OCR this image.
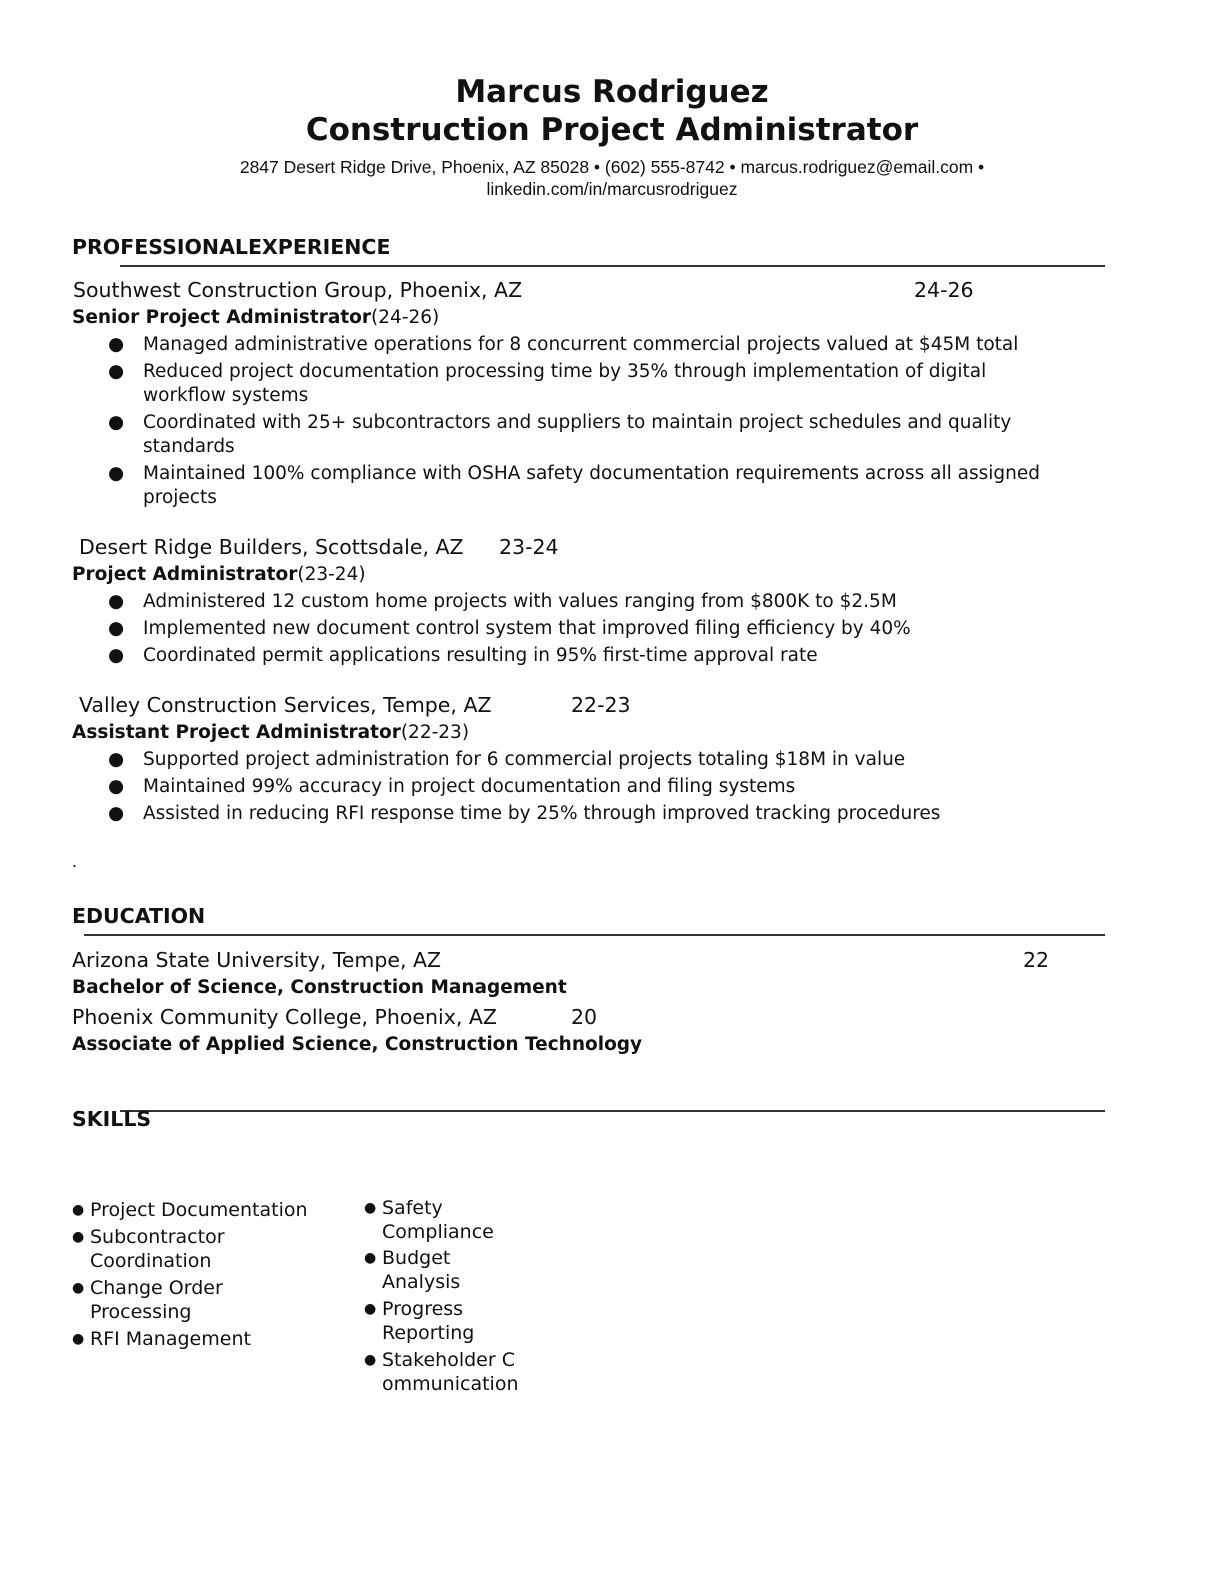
Marcus Rodriguez
Construction Project Administrator
2847 Desert Ridge Drive, Phoenix, AZ 85028 • (602) 555-8742 • marcus.rodriguez@email.com •
linkedin.com/in/marcusrodriguez
PROFESSIONALEXPERIENCE
Southwest Construction Group, Phoenix, AZ	24-26
Senior Project Administrator(24-26)
● Managed administrative operations for 8 concurrent commercial projects valued at $45M total
● Reduced project documentation processing time by 35% through implementation of digital
workflow systems
● Coordinated with 25+ subcontractors and suppliers to maintain project schedules and quality
standards
● Maintained 100% compliance with OSHA safety documentation requirements across all assigned
projects
Desert Ridge Builders, Scottsdale, AZ 23-24
Project Administrator(23-24)
● Administered 12 custom home projects with values ranging from $800K to $2.5M
● Implemented new document control system that improved filing efficiency by 40%
● Coordinated permit applications resulting in 95% first-time approval rate
Valley Construction Services, Tempe, AZ	22-23
Assistant Project Administrator(22-23)
● Supported project administration for 6 commercial projects totaling $18M in value
● Maintained 99% accuracy in project documentation and filing systems
● Assisted in reducing RFI response time by 25% through improved tracking procedures
.
EDUCATION
Arizona State University, Tempe, AZ	22
Bachelor of Science, Construction Management
Phoenix Community College, Phoenix, AZ	20
Associate of Applied Science, Construction Technology
SKILLS
● Project Documentation
● Subcontractor Coordination
● Change Order Processing
● RFI Management
● Safety Compliance
● Budget Analysis
● Progress Reporting
● Stakeholder Communication
